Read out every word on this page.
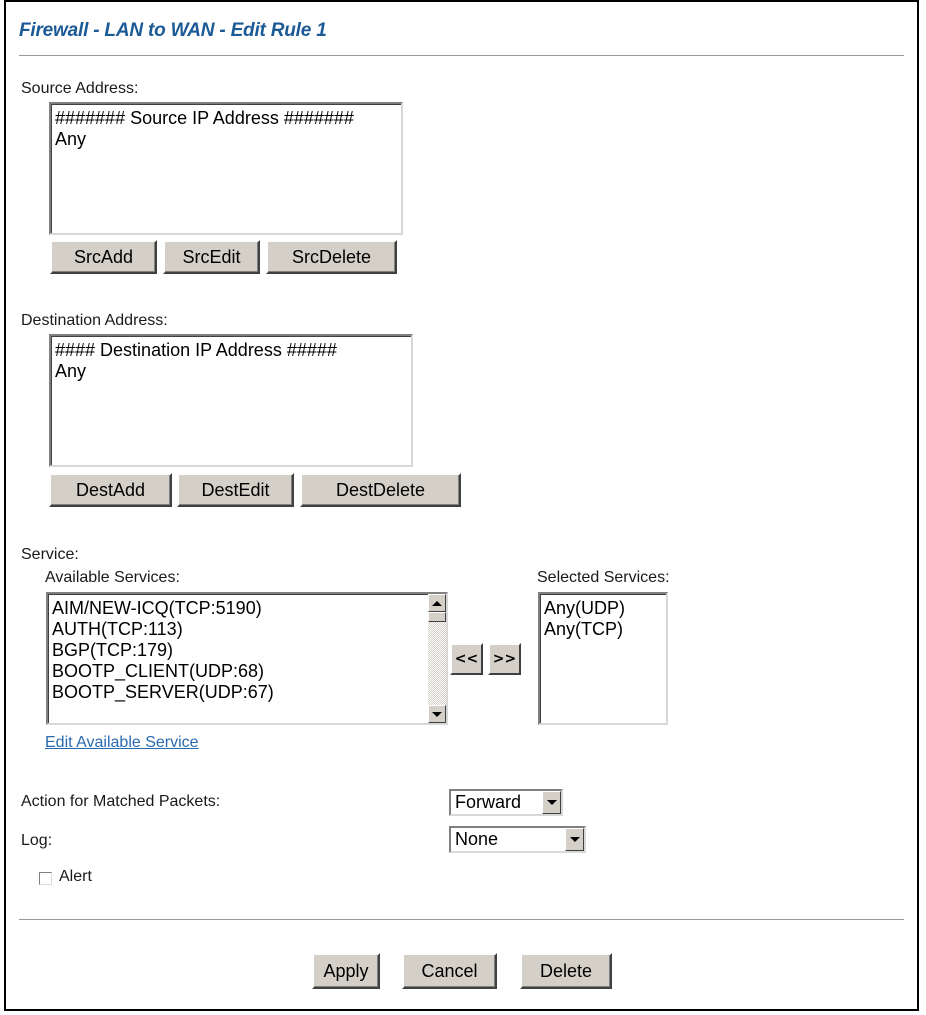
Firewall - LAN to WAN - Edit Rule 1
Source Address:
####### Source IP Address #######
Any
SrcAdd	SrcEdit	SrcDelete
Destination Address:
#### Destination IP Address #####
Any
DestAdd	DestEdit	DestDelete
Service:
Available Services:	Selected Services:
AIM/NEW-ICQ(TCP:5190)
AUTH(TCP:113)
BGP(TCP:179)
BOOTP_CLIENT(UDP:68)
BOOTP_SERVER(UDP:67)
<<	>>
Any(UDP)
Any(TCP)
Edit Available Service
Action for Matched Packets:	Forward
Log:	None
Alert
Apply	Cancel	Delete
